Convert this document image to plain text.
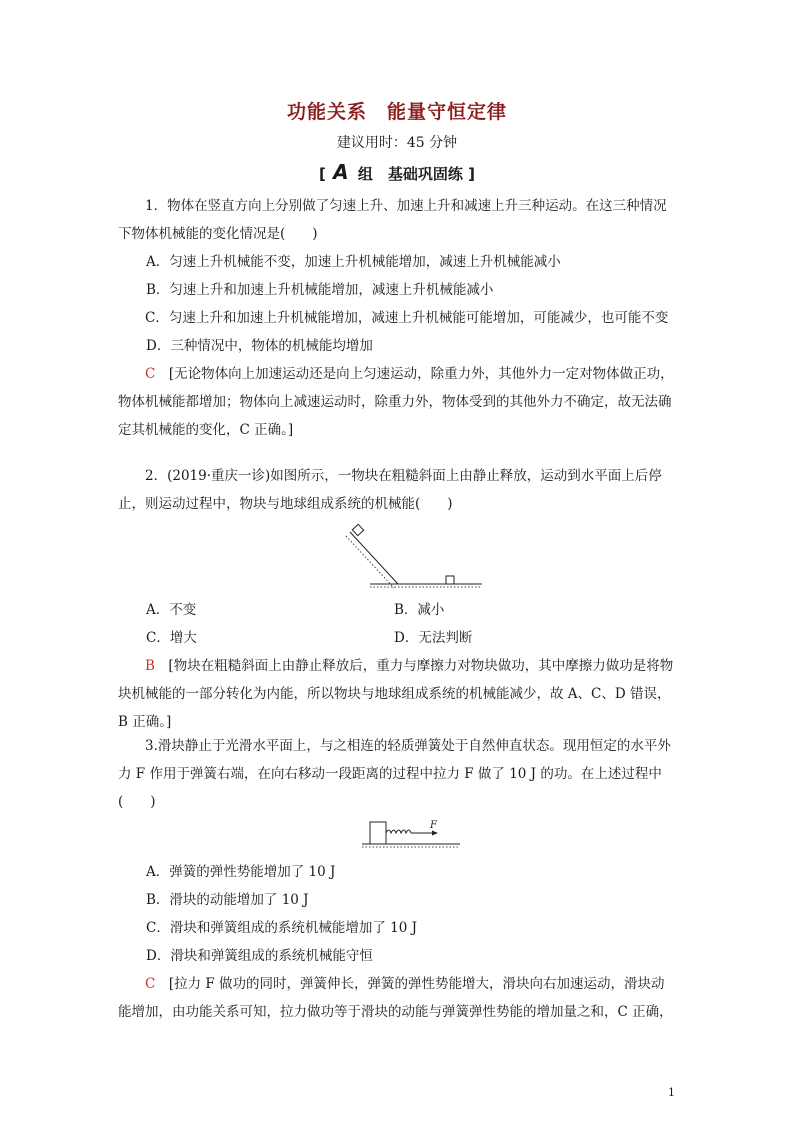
功能关系　能量守恒定律
建议用时：45 分钟
[ A 组　基础巩固练 ]

1．物体在竖直方向上分别做了匀速上升、加速上升和减速上升三种运动。在这三种情况下物体机械能的变化情况是(　　)

A．匀速上升机械能不变，加速上升机械能增加，减速上升机械能减小

B．匀速上升和加速上升机械能增加，减速上升机械能减小

C．匀速上升和加速上升机械能增加，减速上升机械能可能增加，可能减少，也可能不变

D．三种情况中，物体的机械能均增加

C　 [无论物体向上加速运动还是向上匀速运动，除重力外，其他外力一定对物体做正功，物体机械能都增加；物体向上减速运动时，除重力外，物体受到的其他外力不确定，故无法确定其机械能的变化，C 正确。]

2．(2019·重庆一诊)如图所示，一物块在粗糙斜面上由静止释放，运动到水平面上后停止，则运动过程中，物块与地球组成系统的机械能(　　)

A．不变	B．减小
C．增大	D．无法判断

B　 [物块在粗糙斜面上由静止释放后，重力与摩擦力对物块做功，其中摩擦力做功是将物块机械能的一部分转化为内能，所以物块与地球组成系统的机械能减少，故 A、C、D 错误，B 正确。]

3.滑块静止于光滑水平面上，与之相连的轻质弹簧处于自然伸直状态。现用恒定的水平外力 F 作用于弹簧右端，在向右移动一段距离的过程中拉力 F 做了 10 J 的功。在上述过程中(　　)

F

A．弹簧的弹性势能增加了 10 J

B．滑块的动能增加了 10 J

C．滑块和弹簧组成的系统机械能增加了 10 J

D．滑块和弹簧组成的系统机械能守恒

C　 [拉力 F 做功的同时，弹簧伸长，弹簧的弹性势能增大，滑块向右加速运动，滑块动能增加，由功能关系可知，拉力做功等于滑块的动能与弹簧弹性势能的增加量之和，C 正确，

1
